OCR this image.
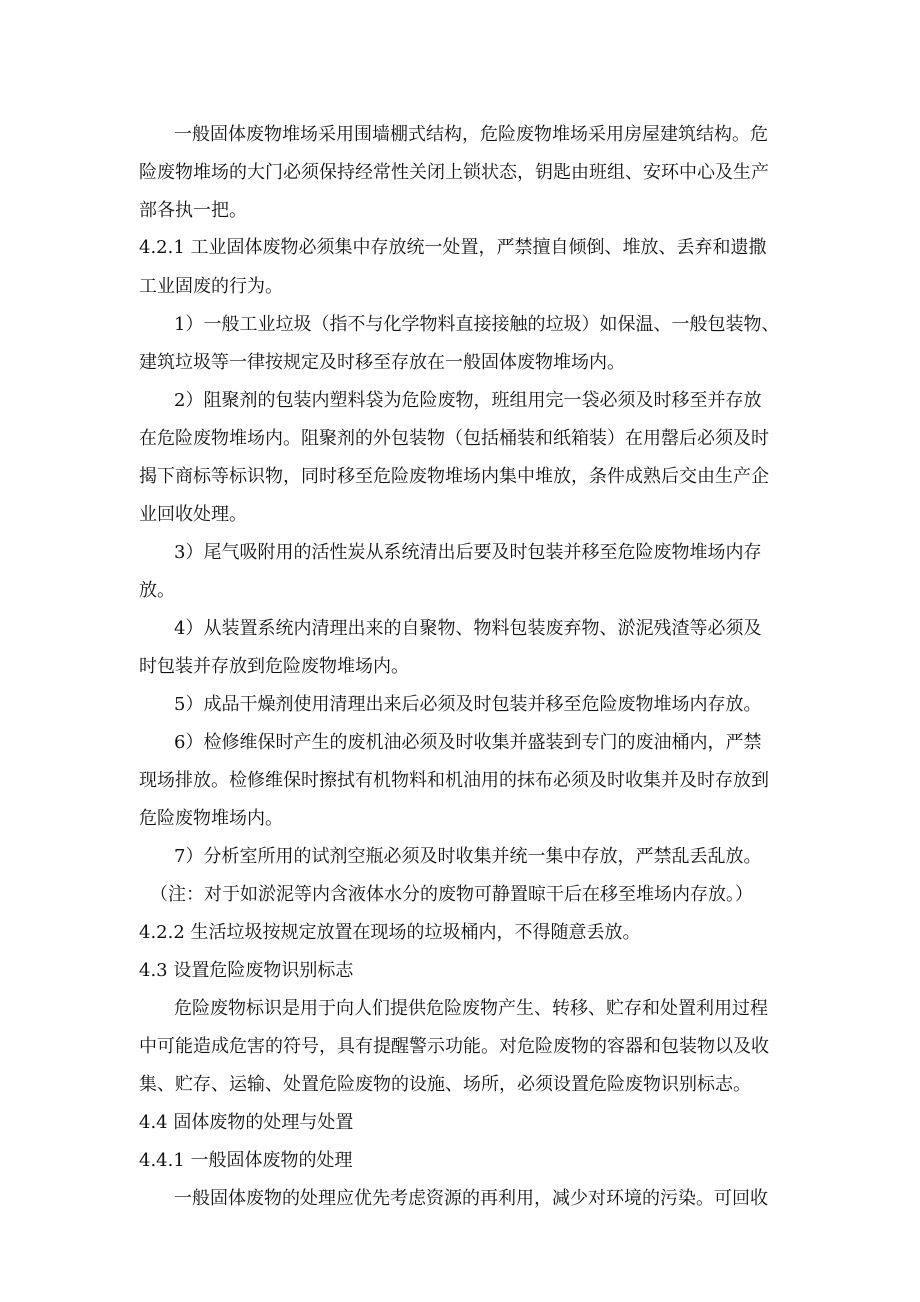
一般固体废物堆场采用围墙棚式结构，危险废物堆场采用房屋建筑结构。危

险废物堆场的大门必须保持经常性关闭上锁状态，钥匙由班组、安环中心及生产

部各执一把。

4.2.1 工业固体废物必须集中存放统一处置，严禁擅自倾倒、堆放、丢弃和遗撒

工业固废的行为。

1）一般工业垃圾（指不与化学物料直接接触的垃圾）如保温、一般包装物、

建筑垃圾等一律按规定及时移至存放在一般固体废物堆场内。

2）阻聚剂的包装内塑料袋为危险废物，班组用完一袋必须及时移至并存放

在危险废物堆场内。阻聚剂的外包装物（包括桶装和纸箱装）在用罄后必须及时

揭下商标等标识物，同时移至危险废物堆场内集中堆放，条件成熟后交由生产企

业回收处理。

3）尾气吸附用的活性炭从系统清出后要及时包装并移至危险废物堆场内存

放。

4）从装置系统内清理出来的自聚物、物料包装废弃物、淤泥残渣等必须及

时包装并存放到危险废物堆场内。

5）成品干燥剂使用清理出来后必须及时包装并移至危险废物堆场内存放。

6）检修维保时产生的废机油必须及时收集并盛装到专门的废油桶内，严禁

现场排放。检修维保时擦拭有机物料和机油用的抹布必须及时收集并及时存放到

危险废物堆场内。

7）分析室所用的试剂空瓶必须及时收集并统一集中存放，严禁乱丢乱放。

（注：对于如淤泥等内含液体水分的废物可静置晾干后在移至堆场内存放。）

4.2.2 生活垃圾按规定放置在现场的垃圾桶内，不得随意丢放。

4.3 设置危险废物识别标志

危险废物标识是用于向人们提供危险废物产生、转移、贮存和处置利用过程

中可能造成危害的符号，具有提醒警示功能。对危险废物的容器和包装物以及收

集、贮存、运输、处置危险废物的设施、场所，必须设置危险废物识别标志。

4.4 固体废物的处理与处置

4.4.1 一般固体废物的处理

一般固体废物的处理应优先考虑资源的再利用，减少对环境的污染。可回收
